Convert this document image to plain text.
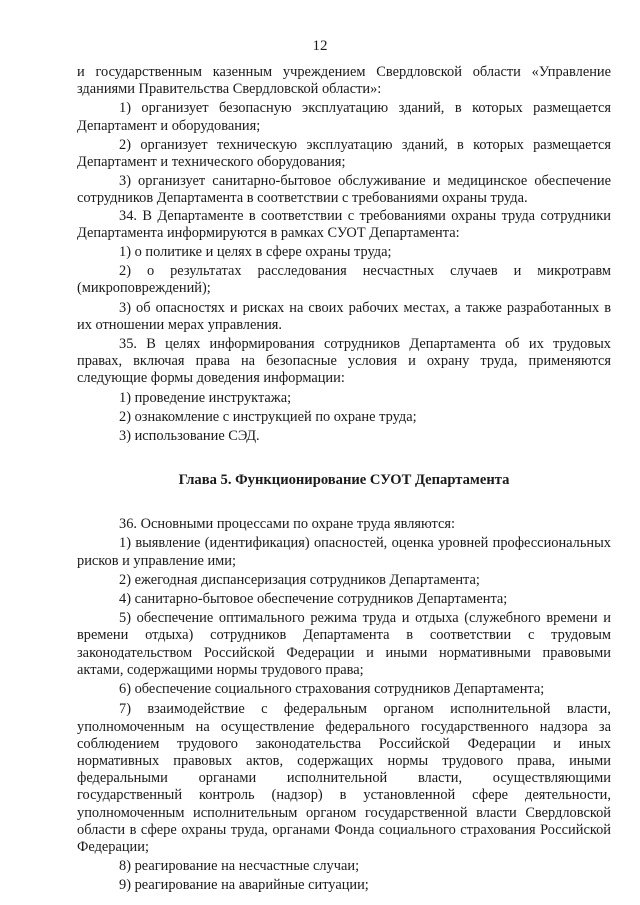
12

и государственным казенным учреждением Свердловской области «Управление зданиями Правительства Свердловской области»:

1) организует безопасную эксплуатацию зданий, в которых размещается Департамент и оборудования;

2) организует техническую эксплуатацию зданий, в которых размещается Департамент и технического оборудования;

3) организует санитарно-бытовое обслуживание и медицинское обеспечение сотрудников Департамента в соответствии с требованиями охраны труда.

34. В Департаменте в соответствии с требованиями охраны труда сотрудники Департамента информируются в рамках СУОТ Департамента:

1) о политике и целях в сфере охраны труда;

2) о результатах расследования несчастных случаев и микротравм (микроповреждений);

3) об опасностях и рисках на своих рабочих местах, а также разработанных в их отношении мерах управления.

35. В целях информирования сотрудников Департамента об их трудовых правах, включая права на безопасные условия и охрану труда, применяются следующие формы доведения информации:

1) проведение инструктажа;

2) ознакомление с инструкцией по охране труда;

3) использование СЭД.

Глава 5. Функционирование СУОТ Департамента

36. Основными процессами по охране труда являются:

1) выявление (идентификация) опасностей, оценка уровней профессиональных рисков и управление ими;

2) ежегодная диспансеризация сотрудников Департамента;

4) санитарно-бытовое обеспечение сотрудников Департамента;

5) обеспечение оптимального режима труда и отдыха (служебного времени и времени отдыха) сотрудников Департамента в соответствии с трудовым законодательством Российской Федерации и иными нормативными правовыми актами, содержащими нормы трудового права;

6) обеспечение социального страхования сотрудников Департамента;

7) взаимодействие с федеральным органом исполнительной власти, уполномоченным на осуществление федерального государственного надзора за соблюдением трудового законодательства Российской Федерации и иных нормативных правовых актов, содержащих нормы трудового права, иными федеральными органами исполнительной власти, осуществляющими государственный контроль (надзор) в установленной сфере деятельности, уполномоченным исполнительным органом государственной власти Свердловской области в сфере охраны труда, органами Фонда социального страхования Российской Федерации;

8) реагирование на несчастные случаи;

9) реагирование на аварийные ситуации;
